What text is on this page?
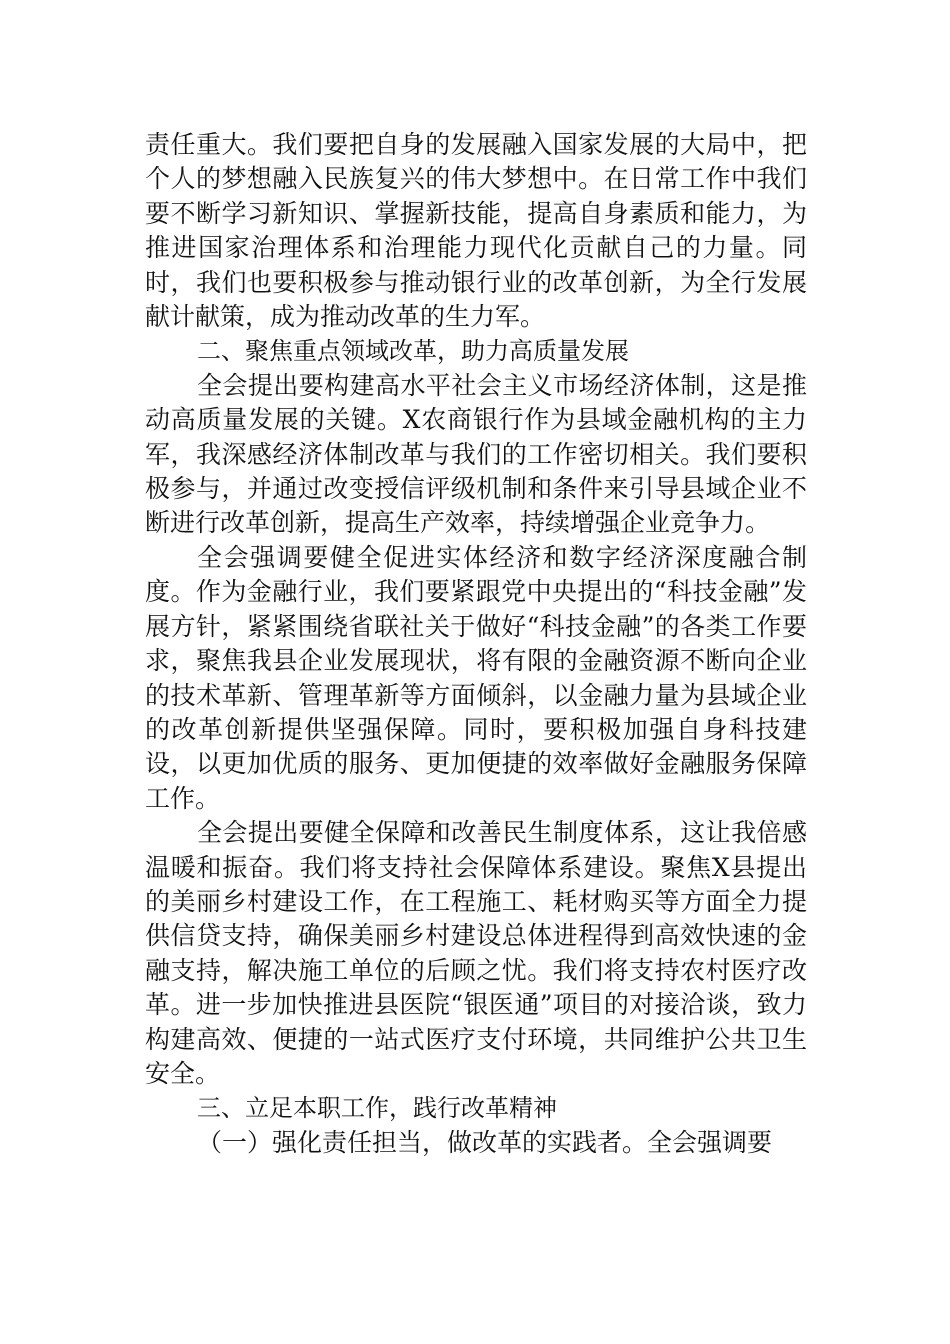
责任重大。我们要把自身的发展融入国家发展的大局中，把个人的梦想融入民族复兴的伟大梦想中。在日常工作中我们要不断学习新知识、掌握新技能，提高自身素质和能力，为推进国家治理体系和治理能力现代化贡献自己的力量。同时，我们也要积极参与推动银行业的改革创新，为全行发展献计献策，成为推动改革的生力军。

二、聚焦重点领域改革，助力高质量发展

全会提出要构建高水平社会主义市场经济体制，这是推动高质量发展的关键。X农商银行作为县域金融机构的主力军，我深感经济体制改革与我们的工作密切相关。我们要积极参与，并通过改变授信评级机制和条件来引导县域企业不断进行改革创新，提高生产效率，持续增强企业竞争力。

全会强调要健全促进实体经济和数字经济深度融合制度。作为金融行业，我们要紧跟党中央提出的“科技金融”发展方针，紧紧围绕省联社关于做好“科技金融”的各类工作要求，聚焦我县企业发展现状，将有限的金融资源不断向企业的技术革新、管理革新等方面倾斜，以金融力量为县域企业的改革创新提供坚强保障。同时，要积极加强自身科技建设，以更加优质的服务、更加便捷的效率做好金融服务保障工作。

全会提出要健全保障和改善民生制度体系，这让我倍感温暖和振奋。我们将支持社会保障体系建设。聚焦X县提出的美丽乡村建设工作，在工程施工、耗材购买等方面全力提供信贷支持，确保美丽乡村建设总体进程得到高效快速的金融支持，解决施工单位的后顾之忧。我们将支持农村医疗改革。进一步加快推进县医院“银医通”项目的对接洽谈，致力构建高效、便捷的一站式医疗支付环境，共同维护公共卫生安全。

三、立足本职工作，践行改革精神

（一）强化责任担当，做改革的实践者。全会强调要
